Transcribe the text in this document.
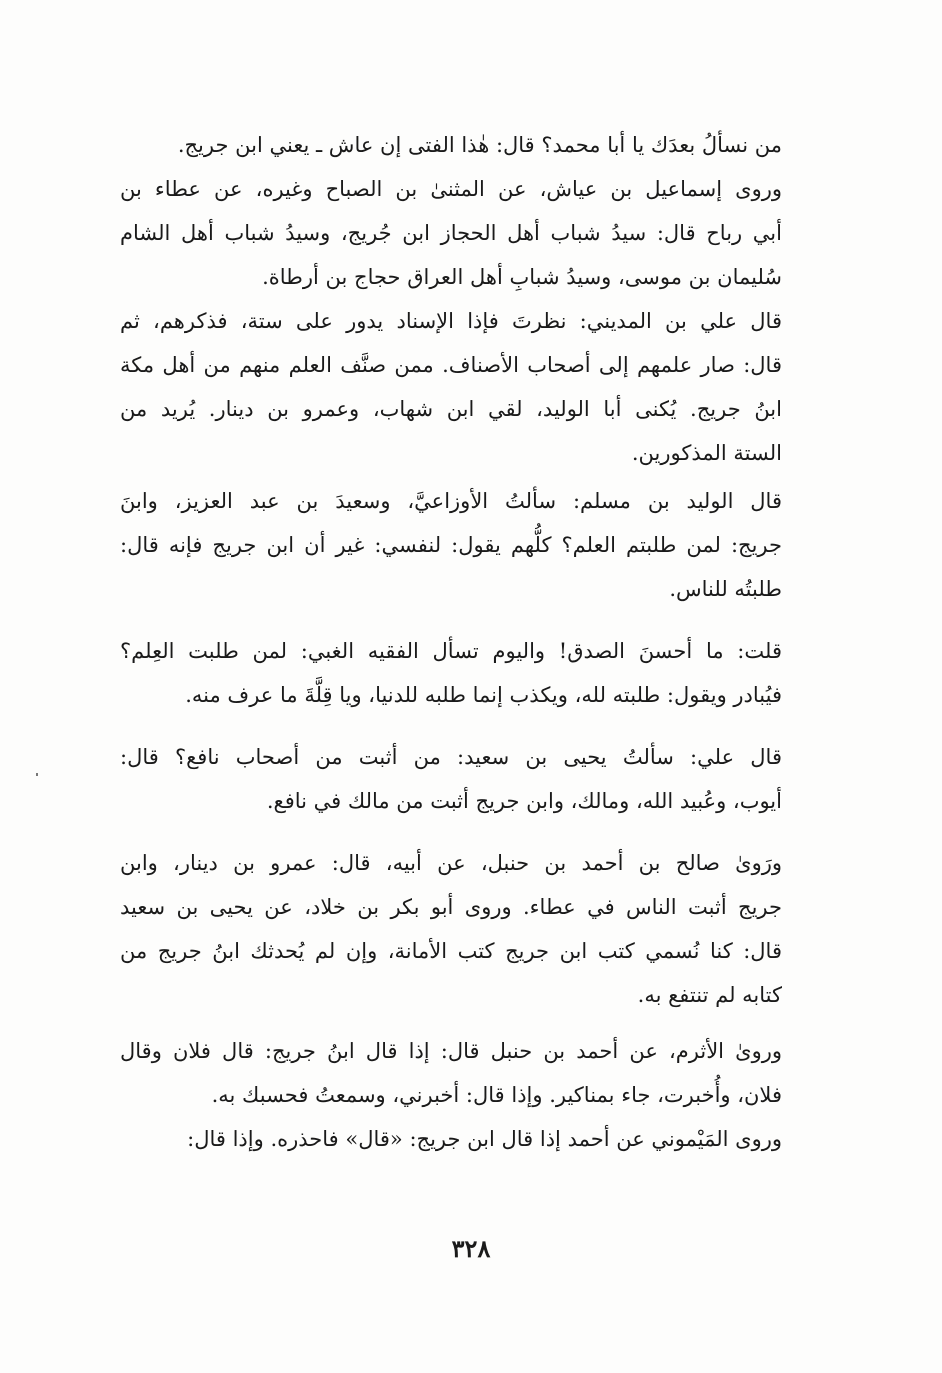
من نسألُ بعدَك يا أبا محمد؟ قال: هٰذا الفتى إن عاش ـ يعني ابن جريج.

وروى إسماعيل بن عياش، عن المثنىٰ بن الصباح وغيره، عن عطاء بن
أبي رباح قال: سيدُ شباب أهل الحجاز ابن جُريج، وسيدُ شباب أهل الشام
سُليمان بن موسى، وسيدُ شبابِ أهل العراق حجاج بن أرطاة.

قال علي بن المديني: نظرتَ فإذا الإسناد يدور على ستة، فذكرهم، ثم
قال: صار علمهم إلى أصحاب الأصناف. ممن صنَّف العلم منهم من أهل مكة
ابنُ جريج. يُكنى أبا الوليد، لقي ابن شهاب، وعمرو بن دينار. يُريد من
الستة المذكورين.

قال الوليد بن مسلم: سألتُ الأوزاعيَّ، وسعيدَ بن عبد العزيز، وابنَ
جريج: لمن طلبتم العلم؟ كلُّهم يقول: لنفسي: غير أن ابن جريج فإنه قال:
طلبتُه للناس.

قلت: ما أحسنَ الصدق! واليوم تسأل الفقيه الغبي: لمن طلبت العِلم؟
فيُبادر ويقول: طلبته لله، ويكذب إنما طلبه للدنيا، ويا قِلَّةَ ما عرف منه.

قال علي: سألتُ يحيى بن سعيد: من أثبت من أصحاب نافع؟ قال:
أيوب، وعُبيد الله، ومالك، وابن جريج أثبت من مالك في نافع.

ورَوىٰ صالح بن أحمد بن حنبل، عن أبيه، قال: عمرو بن دينار، وابن
جريج أثبت الناس في عطاء. وروى أبو بكر بن خلاد، عن يحيى بن سعيد
قال: كنا نُسمي كتب ابن جريج كتب الأمانة، وإن لم يُحدثك ابنُ جريج من
كتابه لم تنتفع به.

وروىٰ الأثرم، عن أحمد بن حنبل قال: إذا قال ابنُ جريج: قال فلان وقال
فلان، وأُخبرت، جاء بمناكير. وإذا قال: أخبرني، وسمعتُ فحسبك به.

وروى المَيْموني عن أحمد إذا قال ابن جريج: «قال» فاحذره. وإذا قال:

٣٢٨
